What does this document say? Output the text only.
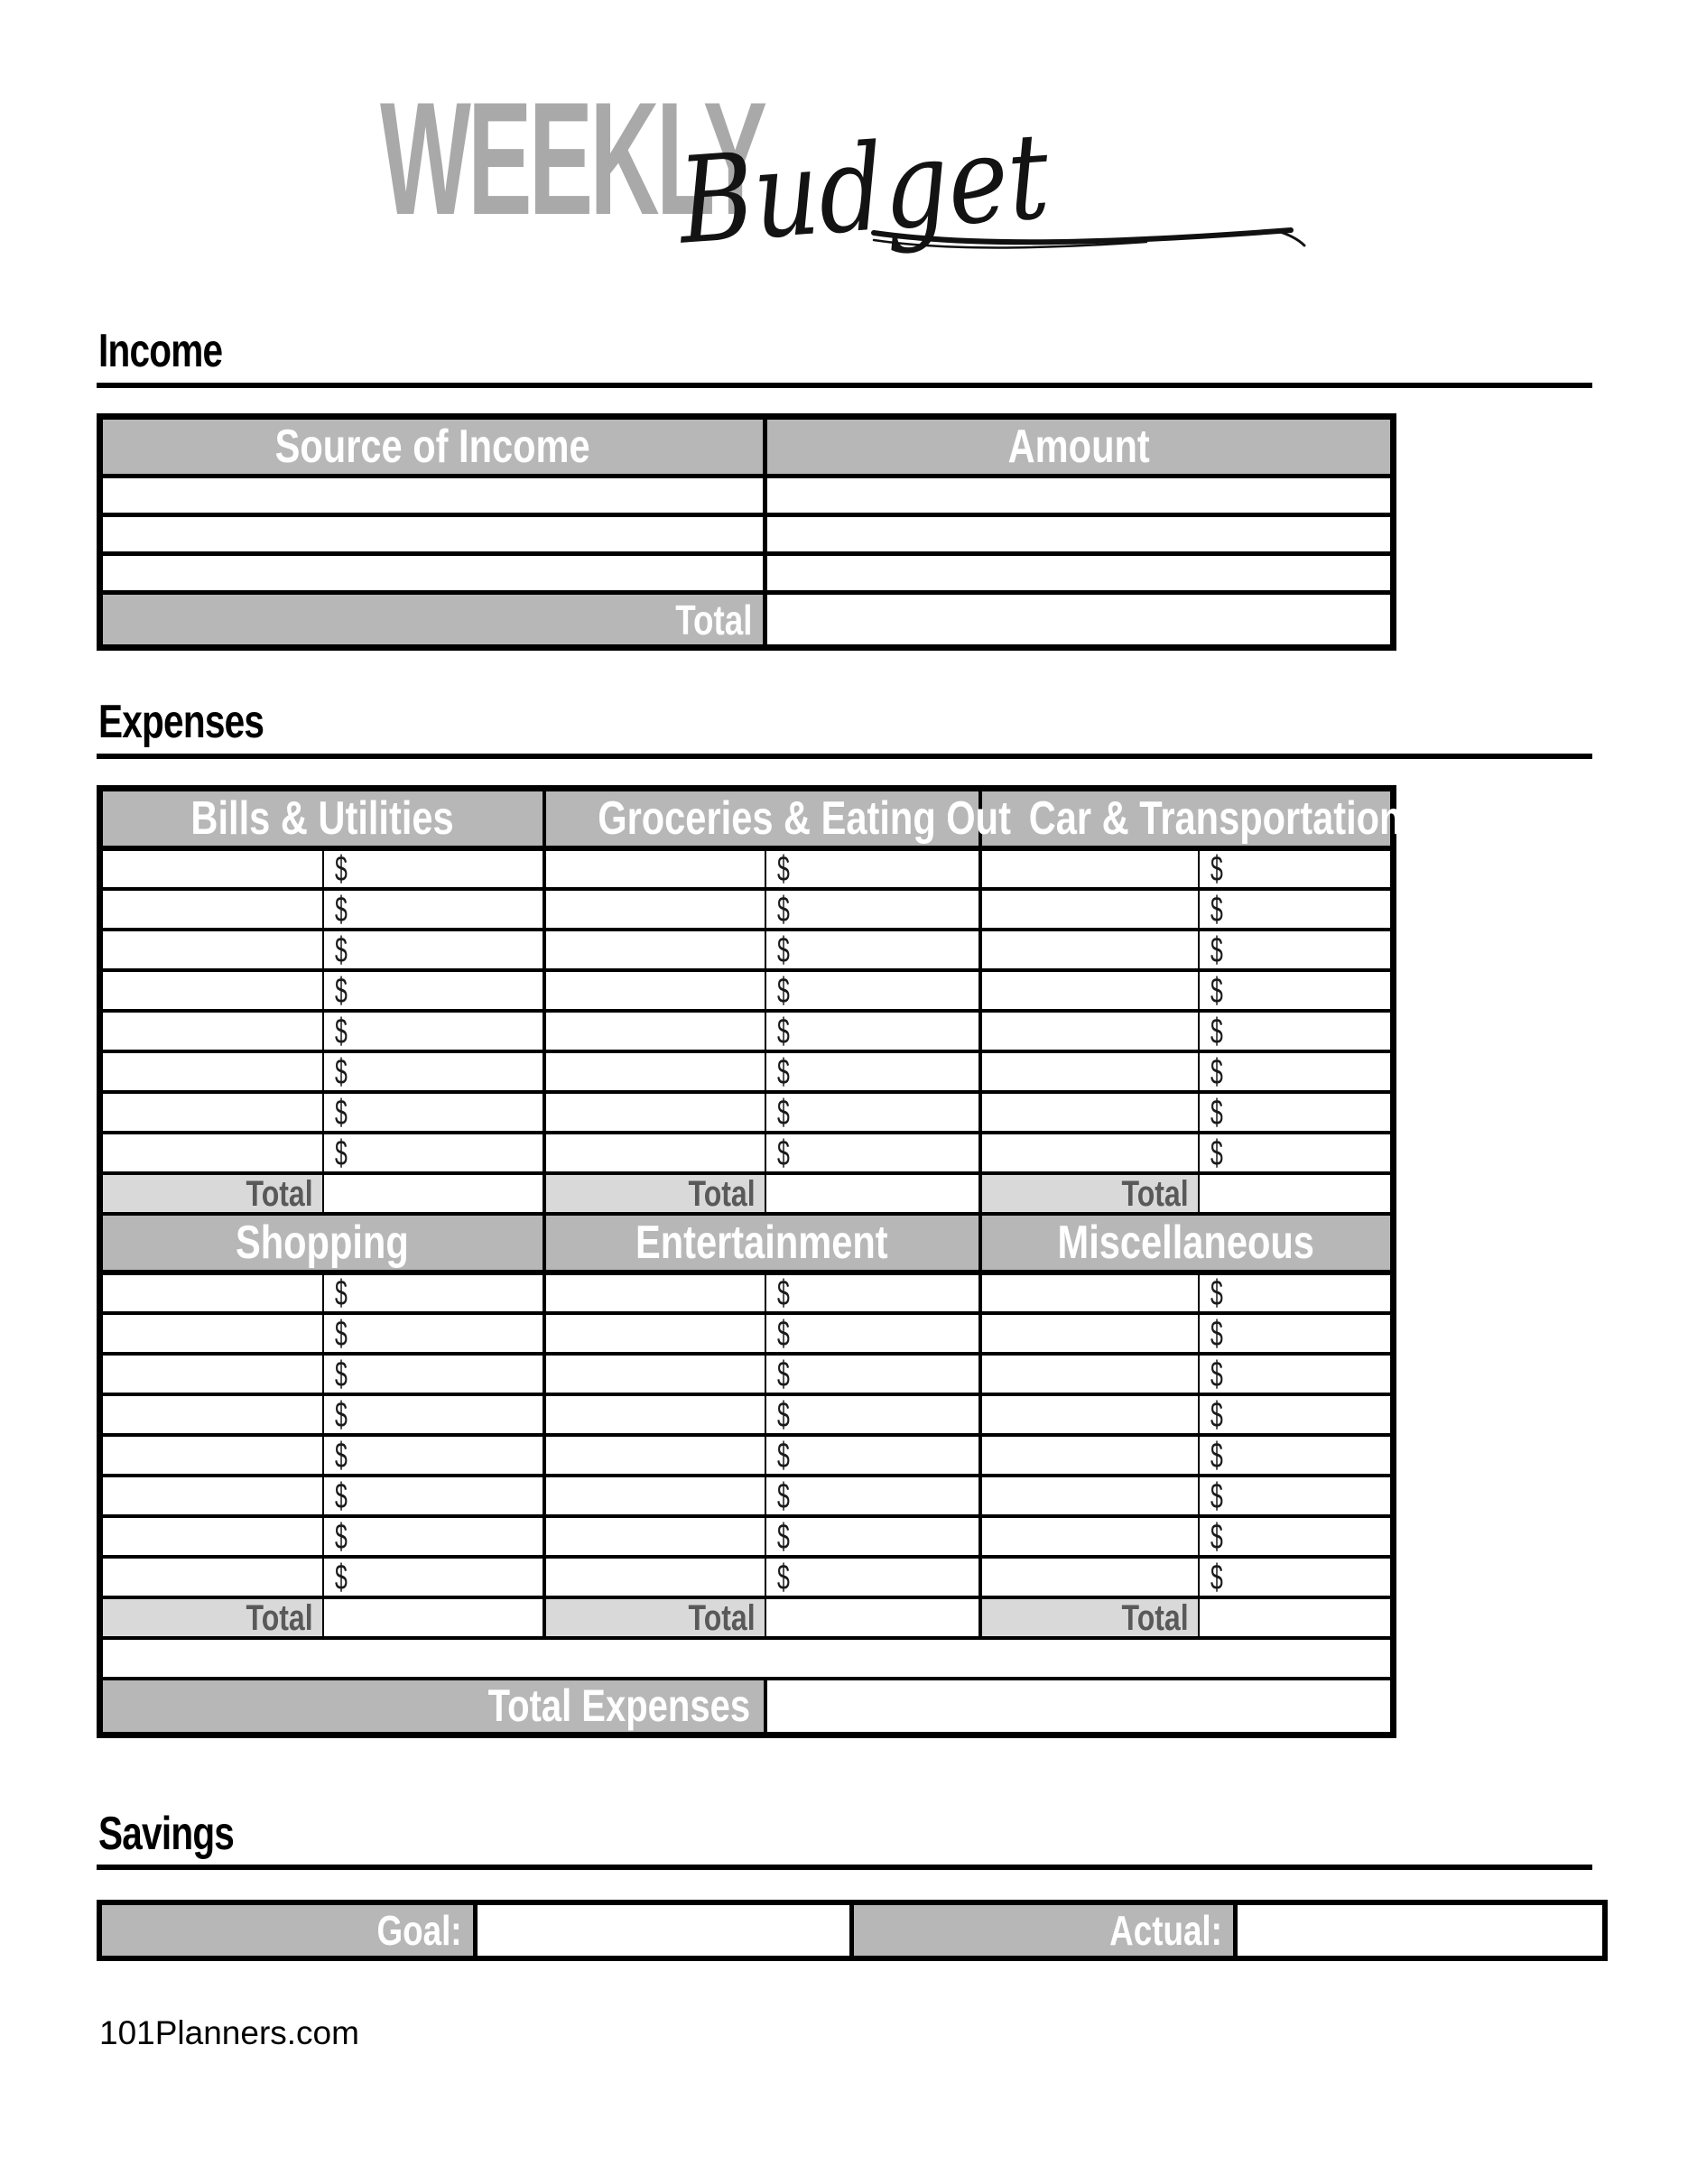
WEEKLY
Budget
Income
Source of Income	Amount

Total	
Expenses
Bills & Utilities		Groceries & Eating Out		Car & Transportation	
	$		$		$
	$		$		$
	$		$		$
	$		$		$
	$		$		$
	$		$		$
	$		$		$
	$		$		$
Total		Total		Total	
Shopping		Entertainment		Miscellaneous	
	$		$		$
	$		$		$
	$		$		$
	$		$		$
	$		$		$
	$		$		$
	$		$		$
	$		$		$
Total		Total		Total	

Total Expenses					
Savings
Goal:		Actual:	
101Planners.com
